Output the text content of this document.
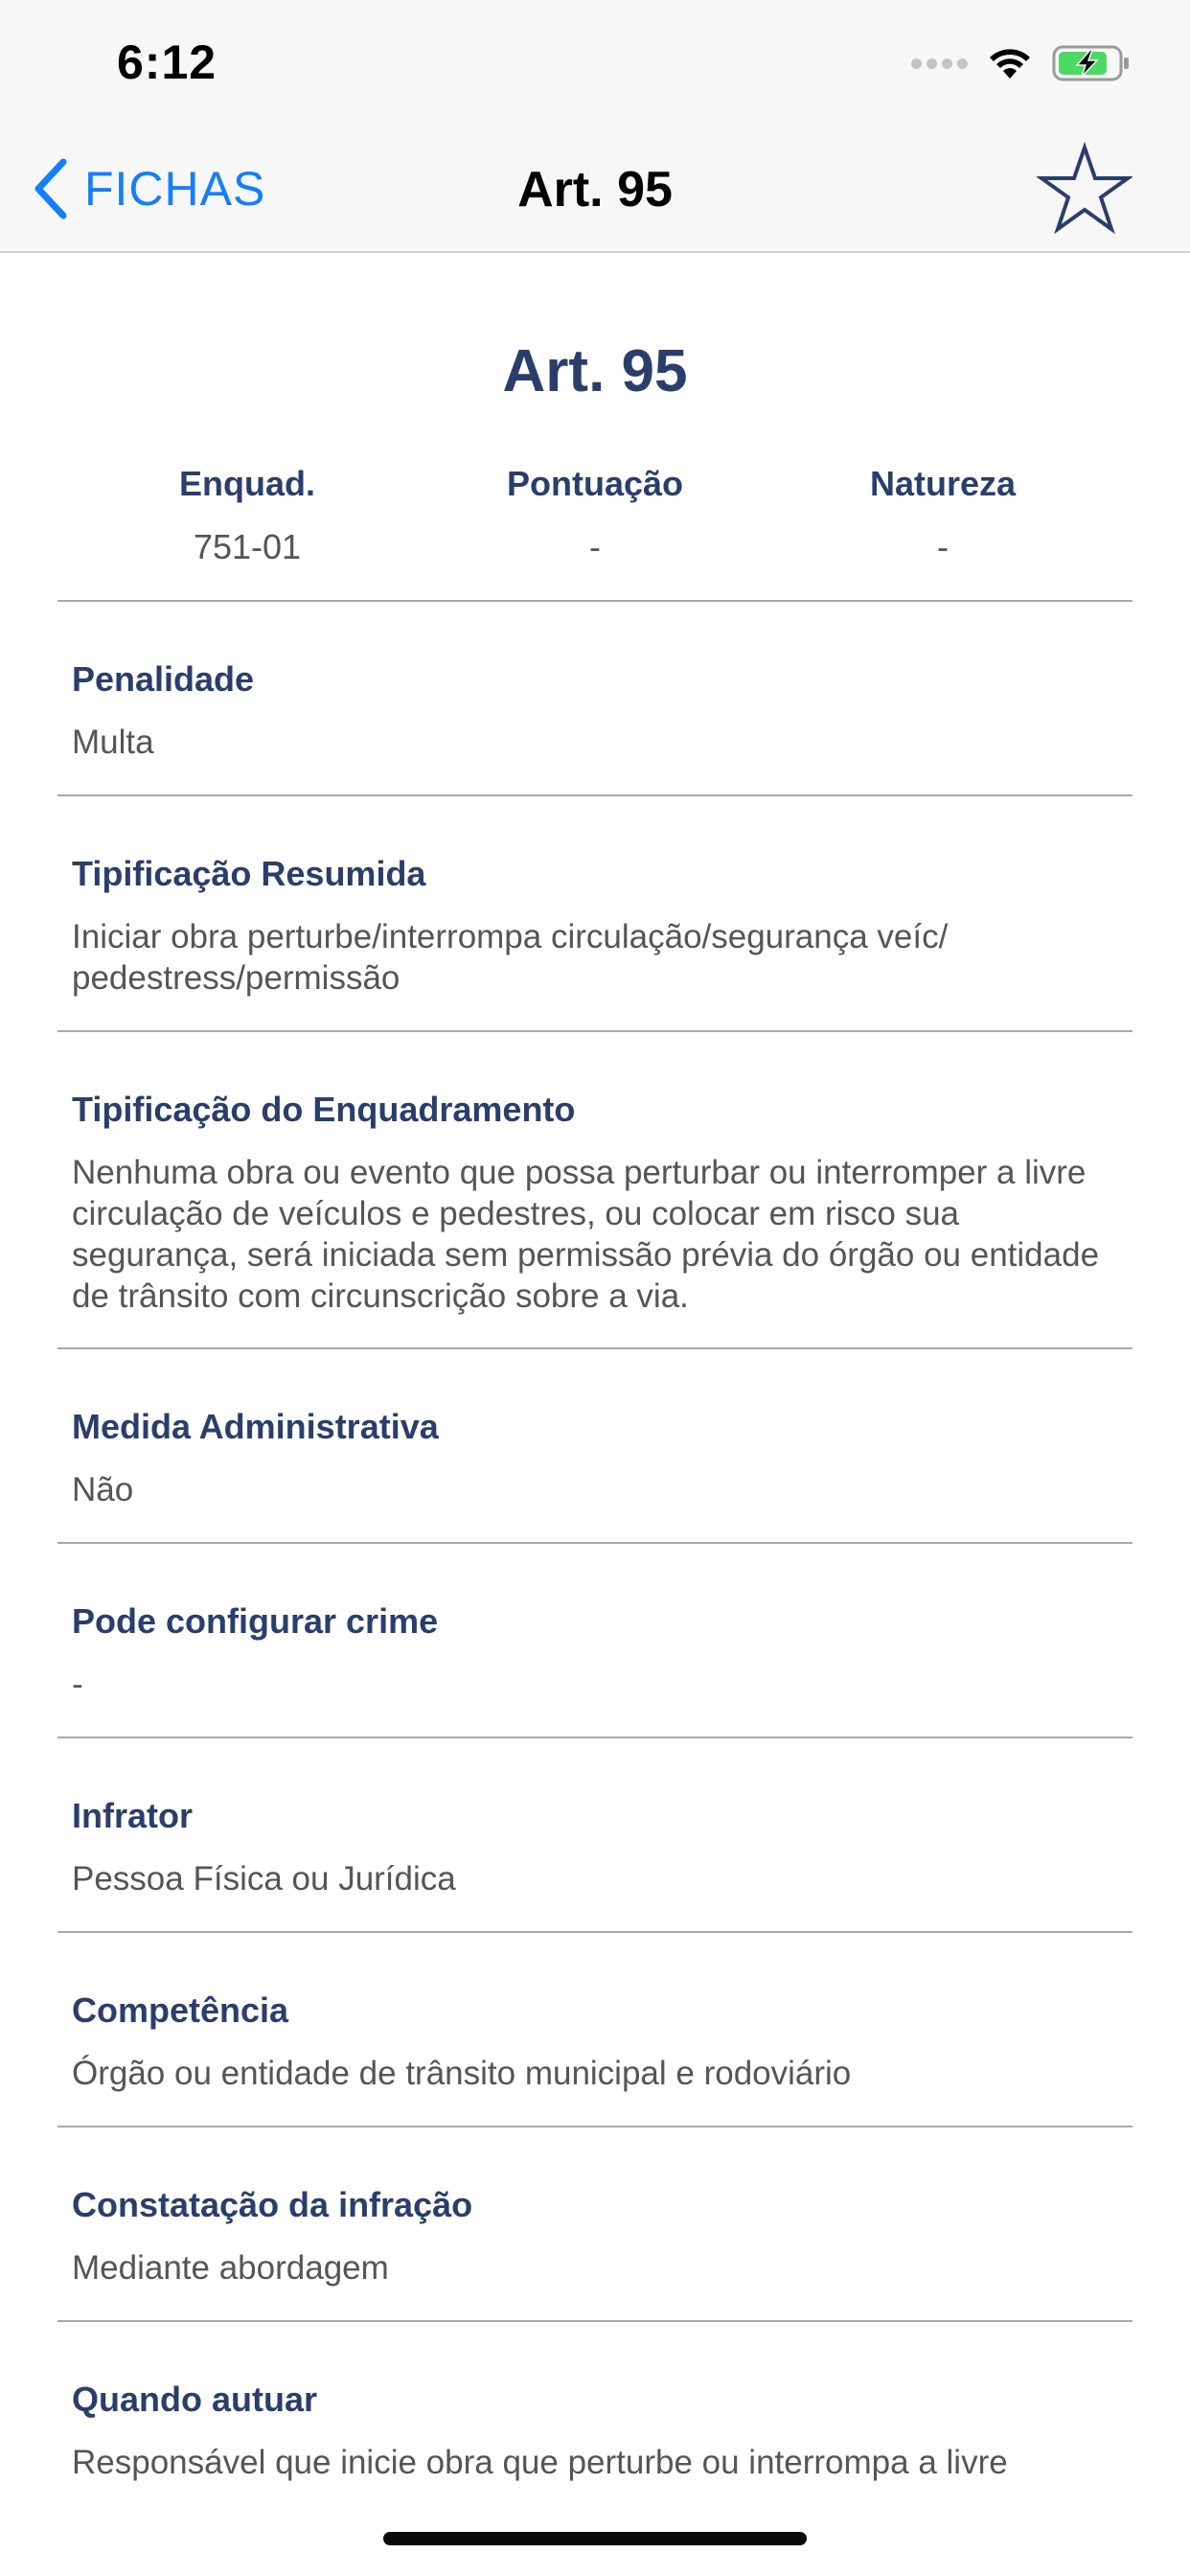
6:12
FICHAS	Art. 95
Art. 95
Enquad.
751-01
Pontuação
-
Natureza
-
Penalidade
Multa
Tipificação Resumida
Iniciar obra perturbe/interrompa circulação/segurança veíc/ pedestress/permissão
Tipificação do Enquadramento
Nenhuma obra ou evento que possa perturbar ou interromper a livre circulação de veículos e pedestres, ou colocar em risco sua segurança, será iniciada sem permissão prévia do órgão ou entidade de trânsito com circunscrição sobre a via.
Medida Administrativa
Não
Pode configurar crime
-
Infrator
Pessoa Física ou Jurídica
Competência
Órgão ou entidade de trânsito municipal e rodoviário
Constatação da infração
Mediante abordagem
Quando autuar
Responsável que inicie obra que perturbe ou interrompa a livre
